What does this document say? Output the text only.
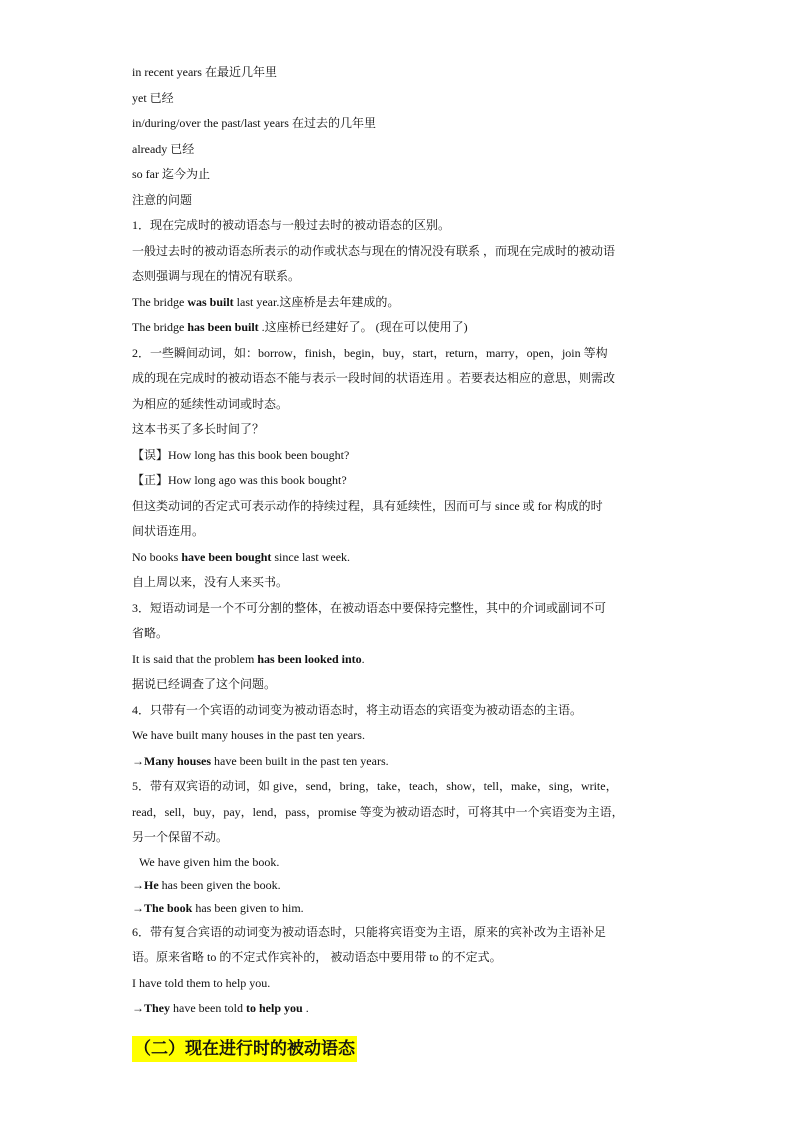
in recent years 在最近几年里
yet 已经
in/during/over the past/last years 在过去的几年里
already 已经
so far 迄今为止
注意的问题
1．现在完成时的被动语态与一般过去时的被动语态的区别。
一般过去时的被动语态所表示的动作或状态与现在的情况没有联系 ，而现在完成时的被动语
态则强调与现在的情况有联系。
The bridge was built last year.这座桥是去年建成的。
The bridge has been built .这座桥已经建好了。 (现在可以使用了)
2．一些瞬间动词，如：borrow，finish，begin，buy，start，return，marry，open，join 等构
成的现在完成时的被动语态不能与表示一段时间的状语连用 。若要表达相应的意思，则需改
为相应的延续性动词或时态。
这本书买了多长时间了？
【误】How long has this book been bought?
【正】How long ago was this book bought?
但这类动词的否定式可表示动作的持续过程，具有延续性，因而可与 since 或 for 构成的时
间状语连用。
No books have been bought since last week.
自上周以来，没有人来买书。
3．短语动词是一个不可分割的整体，在被动语态中要保持完整性，其中的介词或副词不可
省略。
It is said that the problem has been looked into.
据说已经调查了这个问题。
4．只带有一个宾语的动词变为被动语态时，将主动语态的宾语变为被动语态的主语。
We have built many houses in the past ten years.
→Many houses have been built in the past ten years.
5．带有双宾语的动词，如 give，send，bring，take，teach，show，tell，make，sing，write，
read，sell，buy，pay，lend，pass，promise 等变为被动语态时，可将其中一个宾语变为主语，
另一个保留不动。
We have given him the book.
→He has been given the book.
→The book has been given to him.
6．带有复合宾语的动词变为被动语态时，只能将宾语变为主语，原来的宾补改为主语补足
语。原来省略 to 的不定式作宾补的， 被动语态中要用带 to 的不定式。
I have told them to help you.
→They have been told to help you .
（二）现在进行时的被动语态
